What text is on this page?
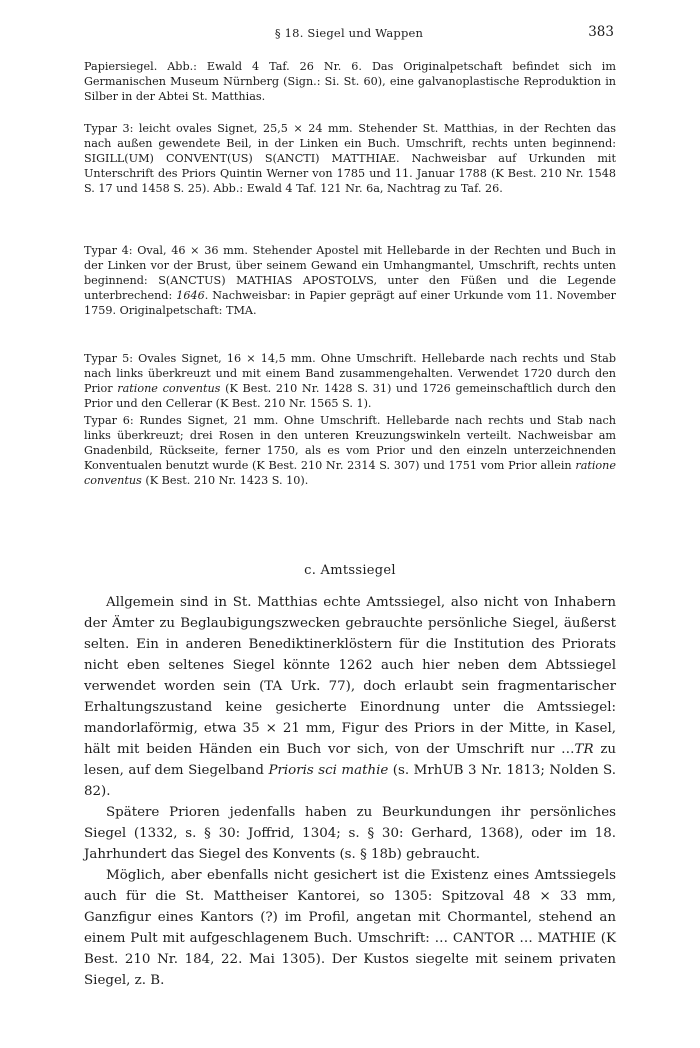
§ 18. Siegel und Wappen	383

Papiersiegel. Abb.: Ewald 4 Taf. 26 Nr. 6. Das Originalpetschaft befindet sich im Germanischen Museum Nürnberg (Sign.: Si. St. 60), eine galvanoplastische Reproduktion in Silber in der Abtei St. Matthias.

Typar 3: leicht ovales Signet, 25,5 × 24 mm. Stehender St. Matthias, in der Rechten das nach außen gewendete Beil, in der Linken ein Buch. Umschrift, rechts unten beginnend: SIGILL(UM) CONVENT(US) S(ANCTI) MATTHIAE. Nachweisbar auf Urkunden mit Unterschrift des Priors Quintin Werner von 1785 und 11. Januar 1788 (K Best. 210 Nr. 1548 S. 17 und 1458 S. 25). Abb.: Ewald 4 Taf. 121 Nr. 6a, Nachtrag zu Taf. 26.

Typar 4: Oval, 46 × 36 mm. Stehender Apostel mit Hellebarde in der Rechten und Buch in der Linken vor der Brust, über seinem Gewand ein Umhangmantel, Umschrift, rechts unten beginnend: S(ANCTUS) MATHIAS APOSTOLVS, unter den Füßen und die Legende unterbrechend: 1646. Nachweisbar: in Papier geprägt auf einer Urkunde vom 11. November 1759. Originalpetschaft: TMA.

Typar 5: Ovales Signet, 16 × 14,5 mm. Ohne Umschrift. Hellebarde nach rechts und Stab nach links überkreuzt und mit einem Band zusammengehalten. Verwendet 1720 durch den Prior ratione conventus (K Best. 210 Nr. 1428 S. 31) und 1726 gemeinschaftlich durch den Prior und den Cellerar (K Best. 210 Nr. 1565 S. 1).

Typar 6: Rundes Signet, 21 mm. Ohne Umschrift. Hellebarde nach rechts und Stab nach links überkreuzt; drei Rosen in den unteren Kreuzungswinkeln verteilt. Nachweisbar am Gnadenbild, Rückseite, ferner 1750, als es vom Prior und den einzeln unterzeichnenden Konventualen benutzt wurde (K Best. 210 Nr. 2314 S. 307) und 1751 vom Prior allein ratione conventus (K Best. 210 Nr. 1423 S. 10).

c. Amtssiegel

Allgemein sind in St. Matthias echte Amtssiegel, also nicht von Inhabern der Ämter zu Beglaubigungszwecken gebrauchte persönliche Siegel, äußerst selten. Ein in anderen Benediktinerklöstern für die Institution des Priorats nicht eben seltenes Siegel könnte 1262 auch hier neben dem Abtssiegel verwendet worden sein (TA Urk. 77), doch erlaubt sein fragmentarischer Erhaltungszustand keine gesicherte Einordnung unter die Amtssiegel: mandorlaförmig, etwa 35 × 21 mm, Figur des Priors in der Mitte, in Kasel, hält mit beiden Händen ein Buch vor sich, von der Umschrift nur …TR zu lesen, auf dem Siegelband Prioris sci mathie (s. MrhUB 3 Nr. 1813; Nolden S. 82).

Spätere Prioren jedenfalls haben zu Beurkundungen ihr persönliches Siegel (1332, s. § 30: Joffrid, 1304; s. § 30: Gerhard, 1368), oder im 18. Jahrhundert das Siegel des Konvents (s. § 18b) gebraucht.

Möglich, aber ebenfalls nicht gesichert ist die Existenz eines Amtssiegels auch für die St. Mattheiser Kantorei, so 1305: Spitzoval 48 × 33 mm, Ganzfigur eines Kantors (?) im Profil, angetan mit Chormantel, stehend an einem Pult mit aufgeschlagenem Buch. Umschrift: … CANTOR … MATHIE (K Best. 210 Nr. 184, 22. Mai 1305). Der Kustos siegelte mit seinem privaten Siegel, z. B.
